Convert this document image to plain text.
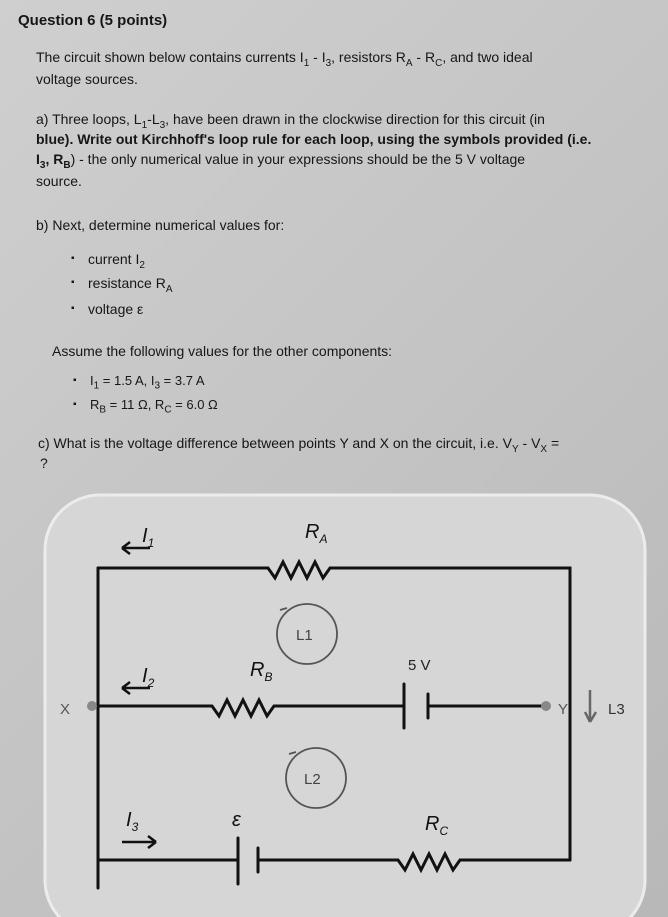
Question 6 (5 points)
The circuit shown below contains currents $I_1 - I_3$, resistors $R_A - R_C$, and two ideal
voltage sources.
a) Three loops, $L_1-L_3$, have been drawn in the clockwise direction for this circuit (in
blue). Write out Kirchhoff's loop rule for each loop, using the symbols provided (i.e.
$I_3$, $R_B$) - the only numerical value in your expressions should be the 5 V voltage
source.
b) Next, determine numerical values for:
▪ current $I_2$
▪ resistance $R_A$
▪ voltage ε
Assume the following values for the other components:
▪ $I_1 = 1.5$ A, $I_3 = 3.7$ A
▪ $R_B = 11$ Ω, $R_C = 6.0$ Ω
c) What is the voltage difference between points Y and X on the circuit, i.e. $V_Y - V_X$ =
?
$I_1$
$I_2$
$I_3$
$R_A$
$R_B$
$R_C$
ε
5 V
X	Y
L1
L2
L3
